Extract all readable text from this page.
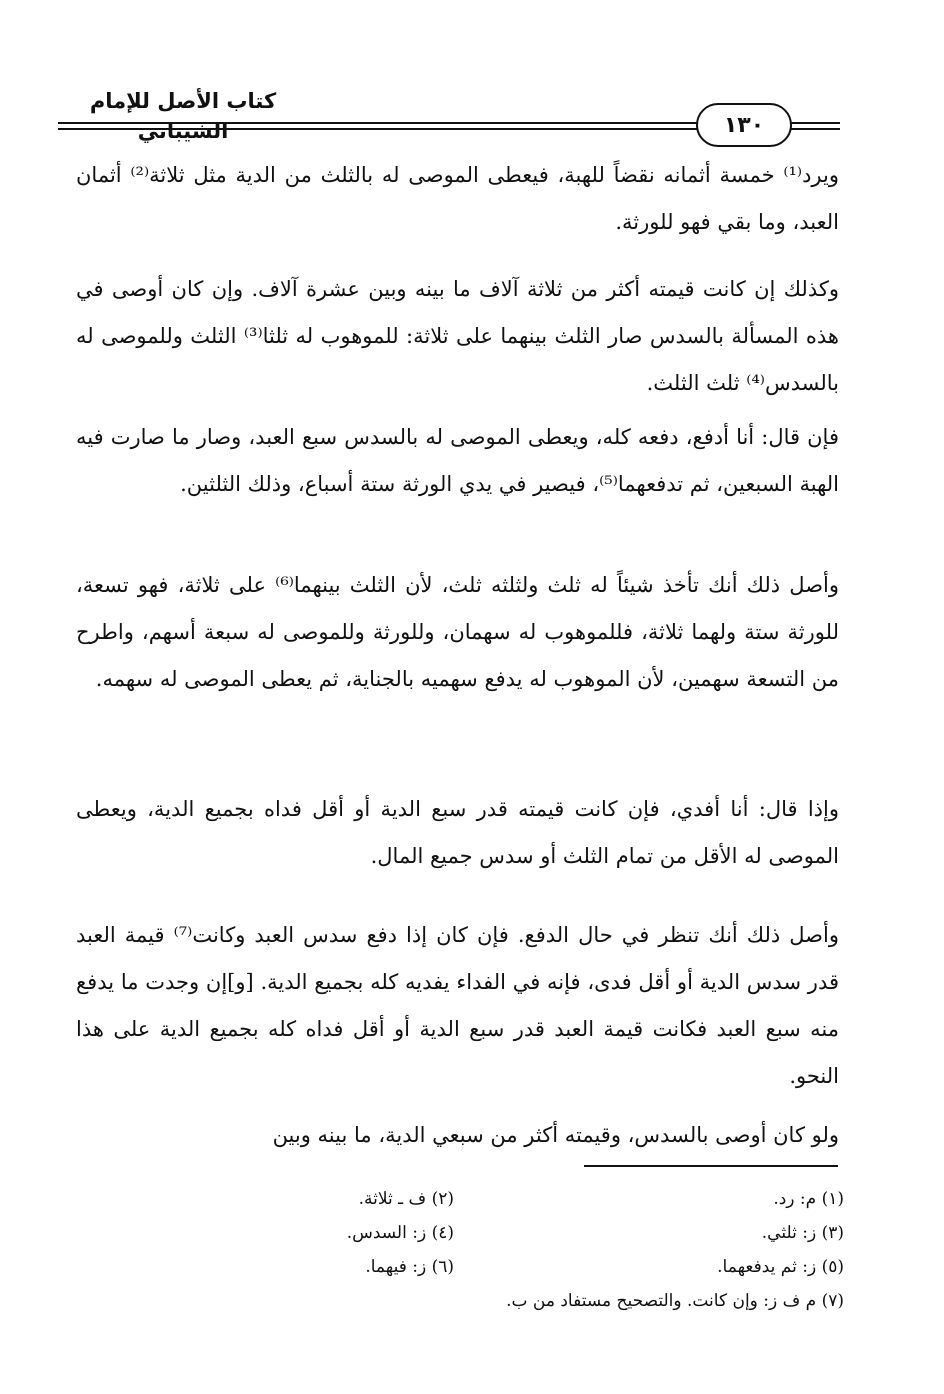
كتاب الأصل للإمام الشيباني	١٣٠
ويرد⁽¹⁾ خمسة أثمانه نقضاً للهبة، فيعطى الموصى له بالثلث من الدية مثل ثلاثة⁽²⁾ أثمان العبد، وما بقي فهو للورثة.
وكذلك إن كانت قيمته أكثر من ثلاثة آلاف ما بينه وبين عشرة آلاف. وإن كان أوصى في هذه المسألة بالسدس صار الثلث بينهما على ثلاثة: للموهوب له ثلثا⁽³⁾ الثلث وللموصى له بالسدس⁽⁴⁾ ثلث الثلث.
فإن قال: أنا أدفع، دفعه كله، ويعطى الموصى له بالسدس سبع العبد، وصار ما صارت فيه الهبة السبعين، ثم تدفعهما⁽⁵⁾، فيصير في يدي الورثة ستة أسباع، وذلك الثلثين.
وأصل ذلك أنك تأخذ شيئاً له ثلث ولثلثه ثلث، لأن الثلث بينهما⁽⁶⁾ على ثلاثة، فهو تسعة، للورثة ستة ولهما ثلاثة، فللموهوب له سهمان، وللورثة وللموصى له سبعة أسهم، واطرح من التسعة سهمين، لأن الموهوب له يدفع سهميه بالجناية، ثم يعطى الموصى له سهمه.
وإذا قال: أنا أفدي، فإن كانت قيمته قدر سبع الدية أو أقل فداه بجميع الدية، ويعطى الموصى له الأقل من تمام الثلث أو سدس جميع المال.
وأصل ذلك أنك تنظر في حال الدفع. فإن كان إذا دفع سدس العبد وكانت⁽⁷⁾ قيمة العبد قدر سدس الدية أو أقل فدى، فإنه في الفداء يفديه كله بجميع الدية. [و]إن وجدت ما يدفع منه سبع العبد فكانت قيمة العبد قدر سبع الدية أو أقل فداه كله بجميع الدية على هذا النحو.
ولو كان أوصى بالسدس، وقيمته أكثر من سبعي الدية، ما بينه وبين
(١) م: رد.
(٢) ف ـ ثلاثة.
(٣) ز: ثلثي.
(٤) ز: السدس.
(٥) ز: ثم يدفعهما.
(٦) ز: فيهما.
(٧) م ف ز: وإن كانت. والتصحيح مستفاد من ب.
